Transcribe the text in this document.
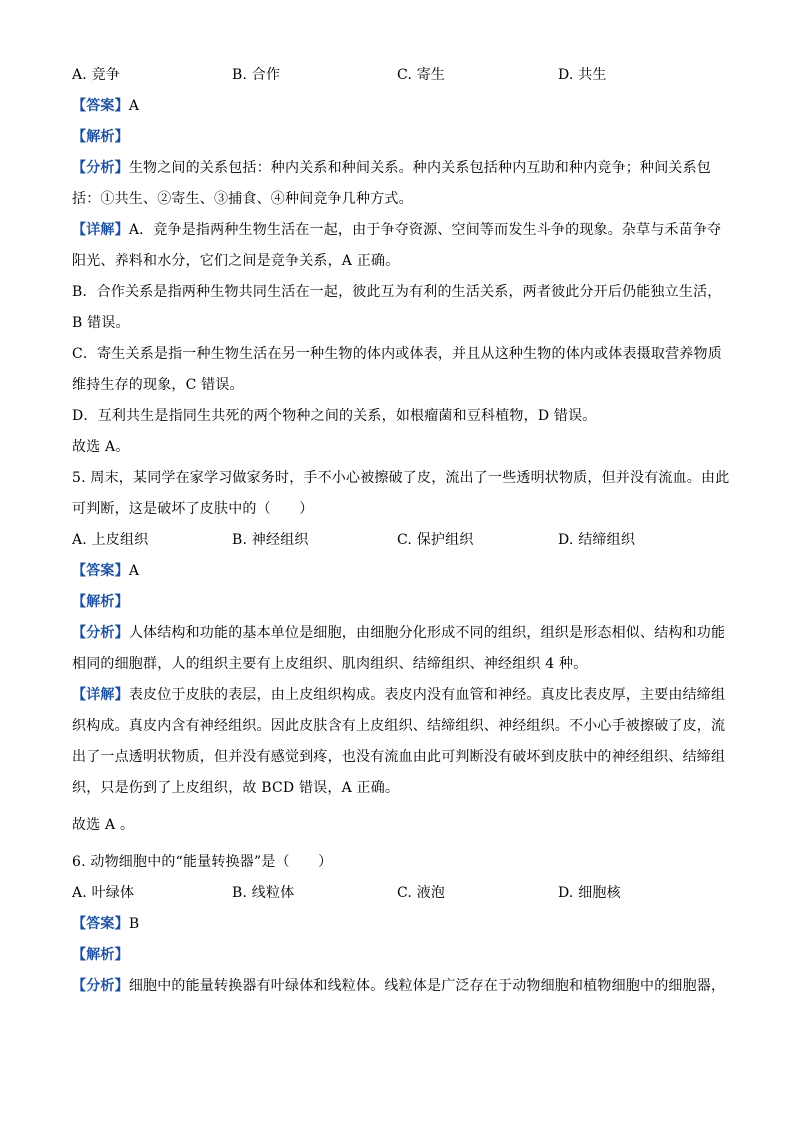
A. 竞争	B. 合作	C. 寄生	D. 共生
【答案】A
【解析】
【分析】生物之间的关系包括：种内关系和种间关系。种内关系包括种内互助和种内竞争；种间关系包
括：①共生、②寄生、③捕食、④种间竞争几种方式。
【详解】A．竞争是指两种生物生活在一起，由于争夺资源、空间等而发生斗争的现象。杂草与禾苗争夺
阳光、养料和水分，它们之间是竞争关系，A 正确。
B．合作关系是指两种生物共同生活在一起，彼此互为有利的生活关系，两者彼此分开后仍能独立生活，
B 错误。
C．寄生关系是指一种生物生活在另一种生物的体内或体表，并且从这种生物的体内或体表摄取营养物质
维持生存的现象，C 错误。
D．互利共生是指同生共死的两个物种之间的关系，如根瘤菌和豆科植物，D 错误。
故选 A。
5. 周末，某同学在家学习做家务时，手不小心被擦破了皮，流出了一些透明状物质，但并没有流血。由此
可判断，这是破坏了皮肤中的（　　）
A. 上皮组织	B. 神经组织	C. 保护组织	D. 结缔组织
【答案】A
【解析】
【分析】人体结构和功能的基本单位是细胞，由细胞分化形成不同的组织，组织是形态相似、结构和功能
相同的细胞群，人的组织主要有上皮组织、肌肉组织、结缔组织、神经组织 4 种。
【详解】表皮位于皮肤的表层，由上皮组织构成。表皮内没有血管和神经。真皮比表皮厚，主要由结缔组
织构成。真皮内含有神经组织。因此皮肤含有上皮组织、结缔组织、神经组织。不小心手被擦破了皮，流
出了一点透明状物质，但并没有感觉到疼，也没有流血由此可判断没有破坏到皮肤中的神经组织、结缔组
织，只是伤到了上皮组织，故 BCD 错误，A 正确。
故选 A 。
6. 动物细胞中的“能量转换器”是（　　）
A. 叶绿体	B. 线粒体	C. 液泡	D. 细胞核
【答案】B
【解析】
【分析】细胞中的能量转换器有叶绿体和线粒体。线粒体是广泛存在于动物细胞和植物细胞中的细胞器，
